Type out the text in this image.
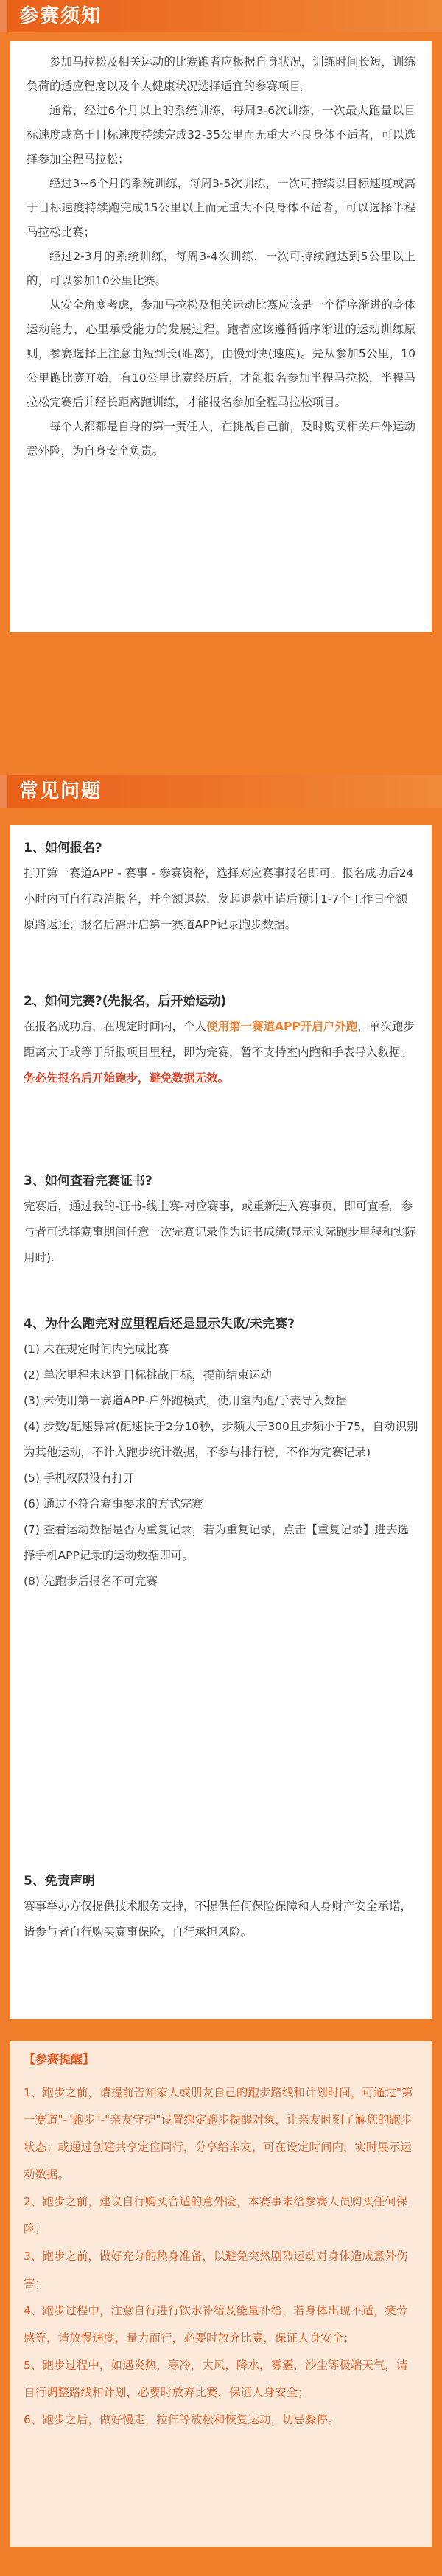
参赛须知

参加马拉松及相关运动的比赛跑者应根据自身状况，训练时间长短，训练负荷的适应程度以及个人健康状况选择适宜的参赛项目。

通常，经过6个月以上的系统训练，每周3-6次训练，一次最大跑量以目标速度或高于目标速度持续完成32-35公里而无重大不良身体不适者，可以选择参加全程马拉松；

经过3~6个月的系统训练，每周3-5次训练，一次可持续以目标速度或高于目标速度持续跑完成15公里以上而无重大不良身体不适者，可以选择半程马拉松比赛；

经过2-3月的系统训练，每周3-4次训练，一次可持续跑达到5公里以上的，可以参加10公里比赛。

从安全角度考虑，参加马拉松及相关运动比赛应该是一个循序渐进的身体运动能力，心里承受能力的发展过程。跑者应该遵循循序渐进的运动训练原则，参赛选择上注意由短到长(距离)，由慢到快(速度)。先从参加5公里，10公里跑比赛开始，有10公里比赛经历后，才能报名参加半程马拉松，半程马拉松完赛后并经长距离跑训练，才能报名参加全程马拉松项目。

每个人都都是自身的第一责任人，在挑战自己前，及时购买相关户外运动意外险，为自身安全负责。

常见问题

1、如何报名?

打开第一赛道APP - 赛事 - 参赛资格，选择对应赛事报名即可。报名成功后24小时内可自行取消报名，并全额退款，发起退款申请后预计1-7个工作日全额原路返还；报名后需开启第一赛道APP记录跑步数据。

2、如何完赛?(先报名，后开始运动)

在报名成功后，在规定时间内，个人使用第一赛道APP开启户外跑，单次跑步距离大于或等于所报项目里程，即为完赛，暂不支持室内跑和手表导入数据。务必先报名后开始跑步，避免数据无效。

3、如何查看完赛证书?

完赛后，通过我的-证书-线上赛-对应赛事，或重新进入赛事页，即可查看。参与者可选择赛事期间任意一次完赛记录作为证书成绩(显示实际跑步里程和实际用时).

4、为什么跑完对应里程后还是显示失败/未完赛?

(1) 未在规定时间内完成比赛

(2) 单次里程未达到目标挑战目标，提前结束运动

(3) 未使用第一赛道APP-户外跑模式，使用室内跑/手表导入数据

(4) 步数/配速异常(配速快于2分10秒，步频大于300且步频小于75，自动识别为其他运动，不计入跑步统计数据，不参与排行榜，不作为完赛记录)

(5) 手机权限没有打开

(6) 通过不符合赛事要求的方式完赛

(7) 查看运动数据是否为重复记录，若为重复记录，点击【重复记录】进去选择手机APP记录的运动数据即可。

(8) 先跑步后报名不可完赛

5、免责声明

赛事举办方仅提供技术服务支持，不提供任何保险保障和人身财产安全承诺，请参与者自行购买赛事保险，自行承担风险。

【参赛提醒】

1、跑步之前，请提前告知家人或朋友自己的跑步路线和计划时间，可通过"第一赛道"-"跑步"-"亲友守护"设置绑定跑步提醒对象，让亲友时刻了解您的跑步状态；或通过创建共享定位同行，分享给亲友，可在设定时间内，实时展示运动数据。

2、跑步之前，建议自行购买合适的意外险，本赛事未给参赛人员购买任何保险；

3、跑步之前，做好充分的热身准备，以避免突然剧烈运动对身体造成意外伤害；

4、跑步过程中，注意自行进行饮水补给及能量补给，若身体出现不适，疲劳感等，请放慢速度，量力而行，必要时放弃比赛，保证人身安全；

5、跑步过程中，如遇炎热，寒冷，大风，降水，雾霾，沙尘等极端天气，请自行调整路线和计划，必要时放弃比赛，保证人身安全；

6、跑步之后，做好慢走，拉伸等放松和恢复运动，切忌骤停。
